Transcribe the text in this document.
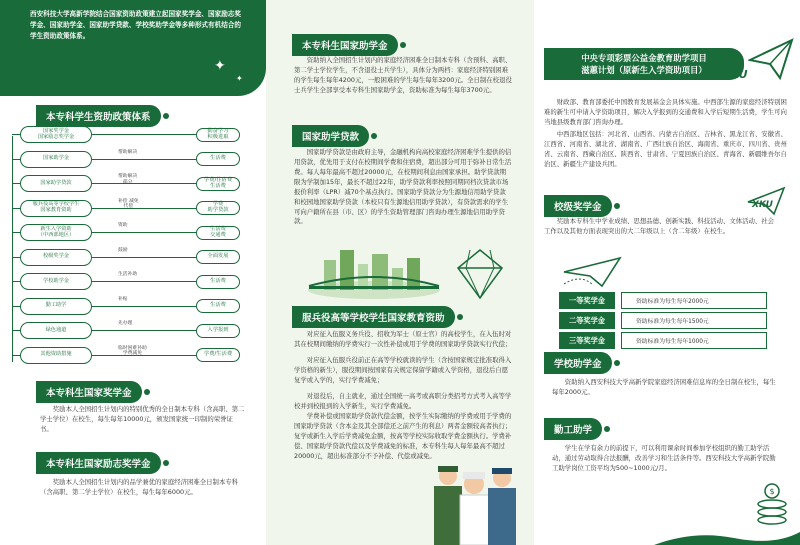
西安科技大学高新学院结合国家资助政策建立起国家奖学金、国家励志奖学金、国家助学金、国家助学贷款、学校奖助学金等多种形式有机结合的学生资助政策体系。
✦
✦
本专科学生资助政策体系
国家奖学金
国家励志奖学金
勤奋学习
积极进取
国家助学金
帮助解决
生活费
国家助学贷款
帮助解决
部分	学费/住宿费
生活费
服兵役高等学校学生
国家教育资助
补偿 减免
代偿	学费
助学贷款
新生入学资助
（中西部地区）
资助
生活费
交通费
校级奖学金
鼓励
全面发展
学校助学金
生活补助
生活费
勤工助学
补贴
生活费
绿色通道
先办理
入学报到
其他资助措施
临时困难补助
学费减免	学费/生活费
本专科生国家奖学金
奖励本人全国招生计划内的特别优秀的全日制本专科（含高职、第二学士学位）在校生，每生每年10000元，颁发国家统一印制的荣誉证书。
本专科生国家励志奖学金
奖励本人全国招生计划内的品学兼优的家庭经济困难全日制本专科（含高职、第二学士学位）在校生，每生每年6000元。
本专科生国家助学金
资助纳入全国招生计划内的家庭经济困难全日制本专科（含预科、高职、第二学士学位学生，不含退役士兵学生），具体分为两档：家庭经济特别困难的学生每生每年4200元，一般困难的学生每生每年3200元。全日制在校退役士兵学生全部享受本专科生国家助学金，资助标准为每生每年3700元。
国家助学贷款
国家助学贷款是由政府主导，金融机构向高校家庭经济困难学生提供的信用贷款，优先用于支付在校期间学费和住宿费，超出部分可用于弥补日常生活费。每人每年最高不超过20000元，在校期间利息由国家承担。助学贷款期限为学制加15年，最长不超过22年，助学贷款利率按照同期同档次贷款市场报价利率（LPR）减70个基点执行。国家助学贷款分为生源地信用助学贷款和校园地国家助学贷款（本校只有生源地信用助学贷款），有贷款需求的学生可向户籍所在县（市、区）的学生资助管理部门咨询办理生源地信用助学贷款。
服兵役高等学校学生国家教育资助
对应征入伍服义务兵役、招收为军士（原士官）的高校学生，在入伍时对其在校期间缴纳的学费实行一次性补偿或用于学费的国家助学贷款实行代偿；
对应征入伍服兵役前正在高等学校就读的学生（含按国家规定批准取得入学资格的新生），服役期间按国家有关规定保留学籍或入学资格，退役后自愿复学或入学的，实行学费减免；
对退役后，自主就业，通过全国统一高考或高职分类招考方式考入高等学校并到校报到的入学新生，实行学费减免。
学费补偿或国家助学贷款代偿金额，按学生实际缴纳的学费或用于学费的国家助学贷款（含本金及其全部偿还之前产生的利息）两者金额较高者执行；复学或新生入学后学费减免金额，按高等学校实际收取学费金额执行。学费补偿、国家助学贷款代偿以及学费减免的标准，本专科生每人每年最高不超过20000元，超出标准部分不予补偿、代偿或减免。
中央专项彩票公益金教育助学项目
滋蕙计划（原新生入学资助项目）	XKU
财政部、教育部委托中国教育发展基金会具体实施。中西部生源的家庭经济特别困难的新生可申请入学资助项目，解决入学报到的交通费和入学后短期生活费，学生可向当地县级教育部门咨询办理。
中西部地区包括：河北省、山西省、内蒙古自治区、吉林省、黑龙江省、安徽省、江西省、河南省、湖北省、湖南省、广西壮族自治区、海南省、重庆市、四川省、贵州省、云南省、西藏自治区、陕西省、甘肃省、宁夏回族自治区、青海省、新疆维吾尔自治区、新疆生产建设兵团。
校级奖学金	XKU
奖励本专科生中学业成绩、思想品德、创新实践、科技活动、文体活动、社会工作以及其他方面表现突出的大二年级以上（含二年级）在校生。
一等奖学金	资助标准为每生每年2000元
二等奖学金	资助标准为每生每年1500元
三等奖学金	资助标准为每生每年1000元
学校助学金
资助纳入西安科技大学高新学院家庭经济困难信息库的全日制在校生，每生每年2000元。
勤工助学
学生在学有余力的前提下，可以利用课余时间参加学校组织的勤工助学活动，通过劳动取得合法报酬，改善学习和生活条件等。西安科技大学高新学院勤工助学岗位工资平均为500~1000元/月。
$
